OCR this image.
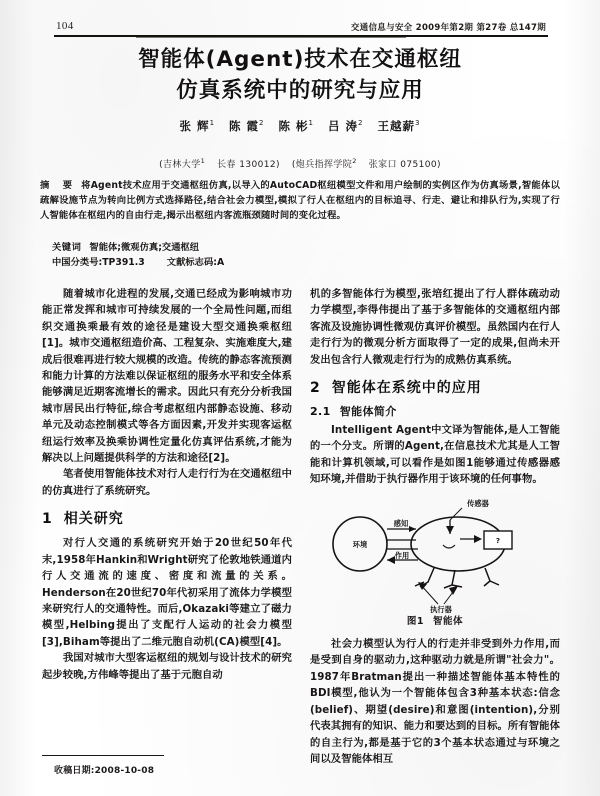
104	交通信息与安全 2009年第2期 第27卷 总147期
智能体(Agent)技术在交通枢纽
仿真系统中的研究与应用
张 辉$^1$ 陈 霞$^2$ 陈 彬$^1$ 吕 涛$^2$ 王越薪$^3$
(吉林大学$^1$ 长春 130012) (炮兵指挥学院$^2$ 张家口 075100)
摘 要 将Agent技术应用于交通枢纽仿真,以导入的AutoCAD枢纽模型文件和用户绘制的实例区作为仿真场景,智能体以疏解设施节点为转向比例方式选择路径,结合社会力模型,模拟了行人在枢纽内的目标追寻、行走、避让和排队行为,实现了行人智能体在枢纽内的自由行走,揭示出枢纽内客流瓶颈随时间的变化过程。
关键词 智能体;微观仿真;交通枢纽
中国分类号:TP391.3 文献标志码:A

随着城市化进程的发展,交通已经成为影响城市功能正常发挥和城市可持续发展的一个全局性问题,而组织交通换乘最有效的途径是建设大型交通换乘枢纽[1]。城市交通枢纽造价高、工程复杂、实施难度大,建成后很难再进行较大规模的改造。传统的静态客流预测和能力计算的方法难以保证枢纽的服务水平和安全体系能够满足近期客流增长的需求。因此只有充分分析我国城市居民出行特征,综合考虑枢纽内部静态设施、移动单元及动态控制模式等各方面因素,开发并实现客运枢纽运行效率及换乘协调性定量化仿真评估系统,才能为解决以上问题提供科学的方法和途径[2]。

笔者使用智能体技术对行人走行行为在交通枢纽中的仿真进行了系统研究。

1 相关研究

对行人交通的系统研究开始于20世纪50年代末,1958年Hankin和Wright研究了伦敦地铁通道内行人交通流的速度、密度和流量的关系。Henderson在20世纪70年代初采用了流体力学模型来研究行人的交通特性。而后,Okazaki等建立了磁力模型,Helbing提出了支配行人运动的社会力模型[3],Biham等提出了二维元胞自动机(CA)模型[4]。

我国对城市大型客运枢纽的规划与设计技术的研究起步较晚,方伟峰等提出了基于元胞自动

机的多智能体行为模型,张培红提出了行人群体疏动动力学模型,李得伟提出了基于多智能体的交通枢纽内部客流及设施协调性微观仿真评价模型。虽然国内在行人走行行为的微观分析方面取得了一定的成果,但尚未开发出包含行人微观走行行为的成熟仿真系统。

2 智能体在系统中的应用
2.1 智能体简介

Intelligent Agent中文译为智能体,是人工智能的一个分支。所谓的Agent,在信息技术尤其是人工智能和计算机领域,可以看作是如图1能够通过传感器感知环境,并借助于执行器作用于该环境的任何事物。

环境
感知
作用
传感器
?
执行器
图1 智能体

社会力模型认为行人的行走并非受到外力作用,而是受到自身的驱动力,这种驱动力就是所谓"社会力"。1987年Bratman提出一种描述智能体基本特性的BDI模型,他认为一个智能体包含3种基本状态:信念(belief)、期望(desire)和意图(intention),分别代表其拥有的知识、能力和要达到的目标。所有智能体的自主行为,都是基于它的3个基本状态通过与环境之间以及智能体相互

收稿日期:2008-10-08
